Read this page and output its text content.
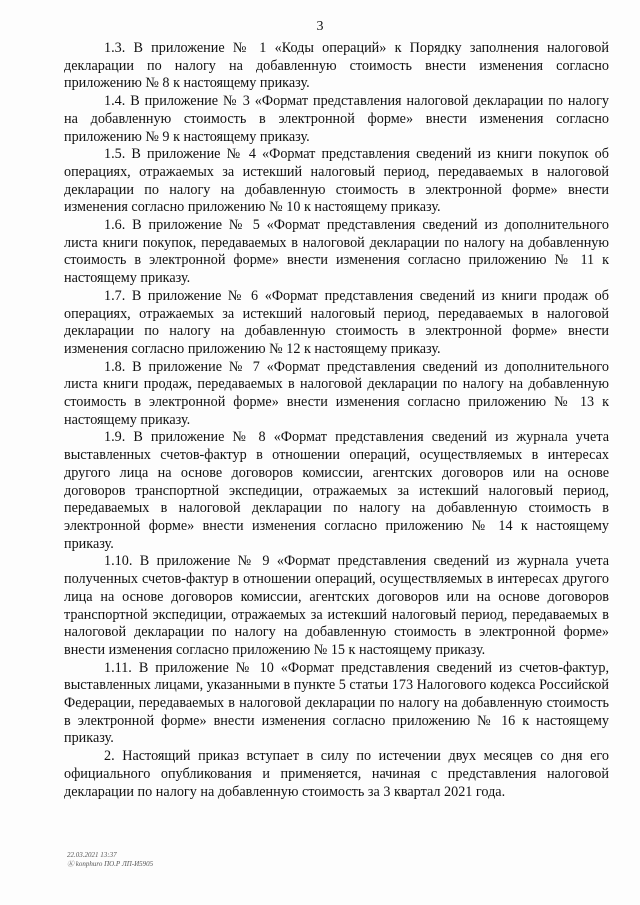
3

1.3. В приложение № 1 «Коды операций» к Порядку заполнения налоговой декларации по налогу на добавленную стоимость внести изменения согласно приложению № 8 к настоящему приказу.

1.4. В приложение № 3 «Формат представления налоговой декларации по налогу на добавленную стоимость в электронной форме» внести изменения согласно приложению № 9 к настоящему приказу.

1.5. В приложение № 4 «Формат представления сведений из книги покупок об операциях, отражаемых за истекший налоговый период, передаваемых в налоговой декларации по налогу на добавленную стоимость в электронной форме» внести изменения согласно приложению № 10 к настоящему приказу.

1.6. В приложение № 5 «Формат представления сведений из дополнительного листа книги покупок, передаваемых в налоговой декларации по налогу на добавленную стоимость в электронной форме» внести изменения согласно приложению № 11 к настоящему приказу.

1.7. В приложение № 6 «Формат представления сведений из книги продаж об операциях, отражаемых за истекший налоговый период, передаваемых в налоговой декларации по налогу на добавленную стоимость в электронной форме» внести изменения согласно приложению № 12 к настоящему приказу.

1.8. В приложение № 7 «Формат представления сведений из дополнительного листа книги продаж, передаваемых в налоговой декларации по налогу на добавленную стоимость в электронной форме» внести изменения согласно приложению № 13 к настоящему приказу.

1.9. В приложение № 8 «Формат представления сведений из журнала учета выставленных счетов-фактур в отношении операций, осуществляемых в интересах другого лица на основе договоров комиссии, агентских договоров или на основе договоров транспортной экспедиции, отражаемых за истекший налоговый период, передаваемых в налоговой декларации по налогу на добавленную стоимость в электронной форме» внести изменения согласно приложению № 14 к настоящему приказу.

1.10. В приложение № 9 «Формат представления сведений из журнала учета полученных счетов-фактур в отношении операций, осуществляемых в интересах другого лица на основе договоров комиссии, агентских договоров или на основе договоров транспортной экспедиции, отражаемых за истекший налоговый период, передаваемых в налоговой декларации по налогу на добавленную стоимость в электронной форме» внести изменения согласно приложению № 15 к настоящему приказу.

1.11. В приложение № 10 «Формат представления сведений из счетов-фактур, выставленных лицами, указанными в пункте 5 статьи 173 Налогового кодекса Российской Федерации, передаваемых в налоговой декларации по налогу на добавленную стоимость в электронной форме» внести изменения согласно приложению № 16 к настоящему приказу.

2. Настоящий приказ вступает в силу по истечении двух месяцев со дня его официального опубликования и применяется, начиная с представления налоговой декларации по налогу на добавленную стоимость за 3 квартал 2021 года.

22.03.2021 13:37
Ⓚ konphuro ПО.Р ЛП-И5905
